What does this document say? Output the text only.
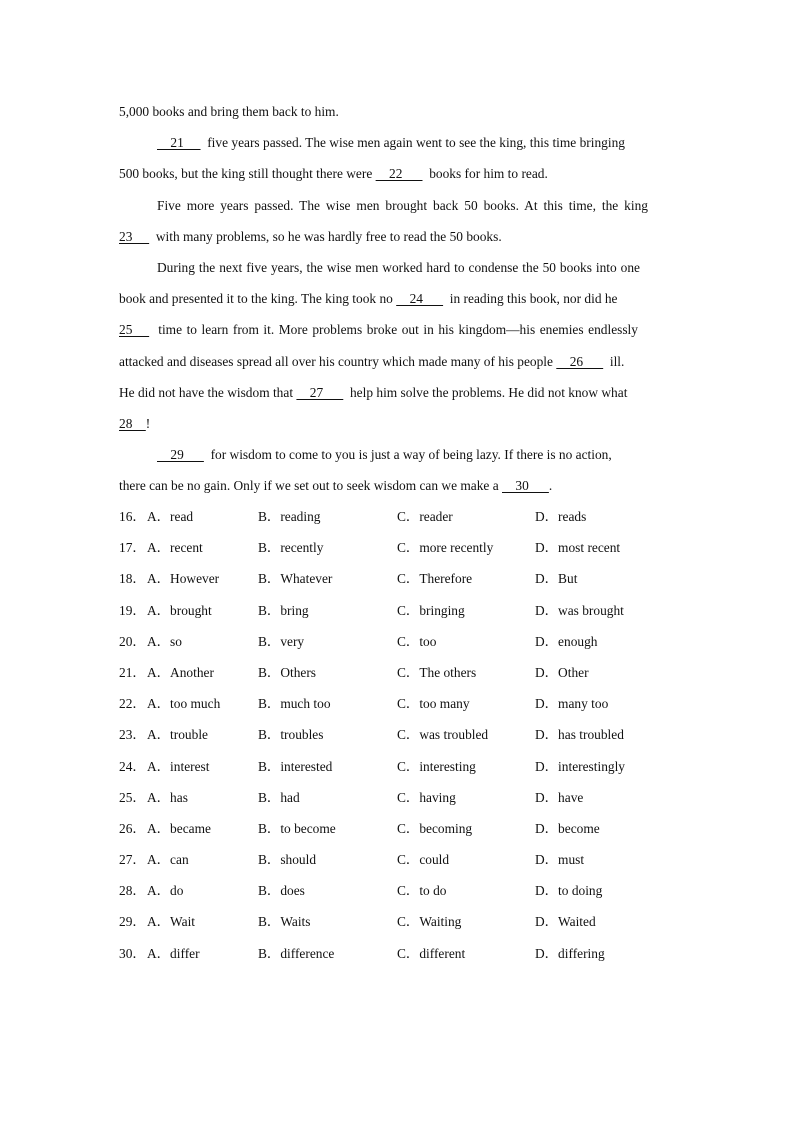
5,000 books and bring them back to him.
21       five years passed. The wise men again went to see the king, this time bringing
500 books, but the king still thought there were     22        books for him to read.
Five more years passed. The wise men brought back 50 books. At this time, the king
23       with many problems, so he was hardly free to read the 50 books.
During the next five years, the wise men worked hard to condense the 50 books into one
book and presented it to the king. The king took no     24        in reading this book, nor did he
25       time to learn from it. More problems broke out in his kingdom—his enemies endlessly
attacked and diseases spread all over his country which made many of his people     26        ill.
He did not have the wisdom that     27        help him solve the problems. He did not know what
28    !
29        for wisdom to come to you is just a way of being lazy. If there is no action,
there can be no gain. Only if we set out to seek wisdom can we make a     30      .
16． A．read	B．reading	C．reader	D．reads
17． A．recent	B．recently	C．more recently	D．most recent
18． A．However	B．Whatever	C．Therefore	D．But
19． A．brought	B．bring	C．bringing	D．was brought
20． A．so	B．very	C．too	D．enough
21． A．Another	B．Others	C．The others	D．Other
22． A．too much	B．much too	C．too many	D．many too
23． A．trouble	B．troubles	C．was troubled	D．has troubled
24． A．interest	B．interested	C．interesting	D．interestingly
25． A．has	B．had	C．having	D．have
26． A．became	B．to become	C．becoming	D．become
27． A．can	B．should	C．could	D．must
28． A．do	B．does	C．to do	D．to doing
29． A．Wait	B．Waits	C．Waiting	D．Waited
30． A．differ	B．difference	C．different	D．differing
